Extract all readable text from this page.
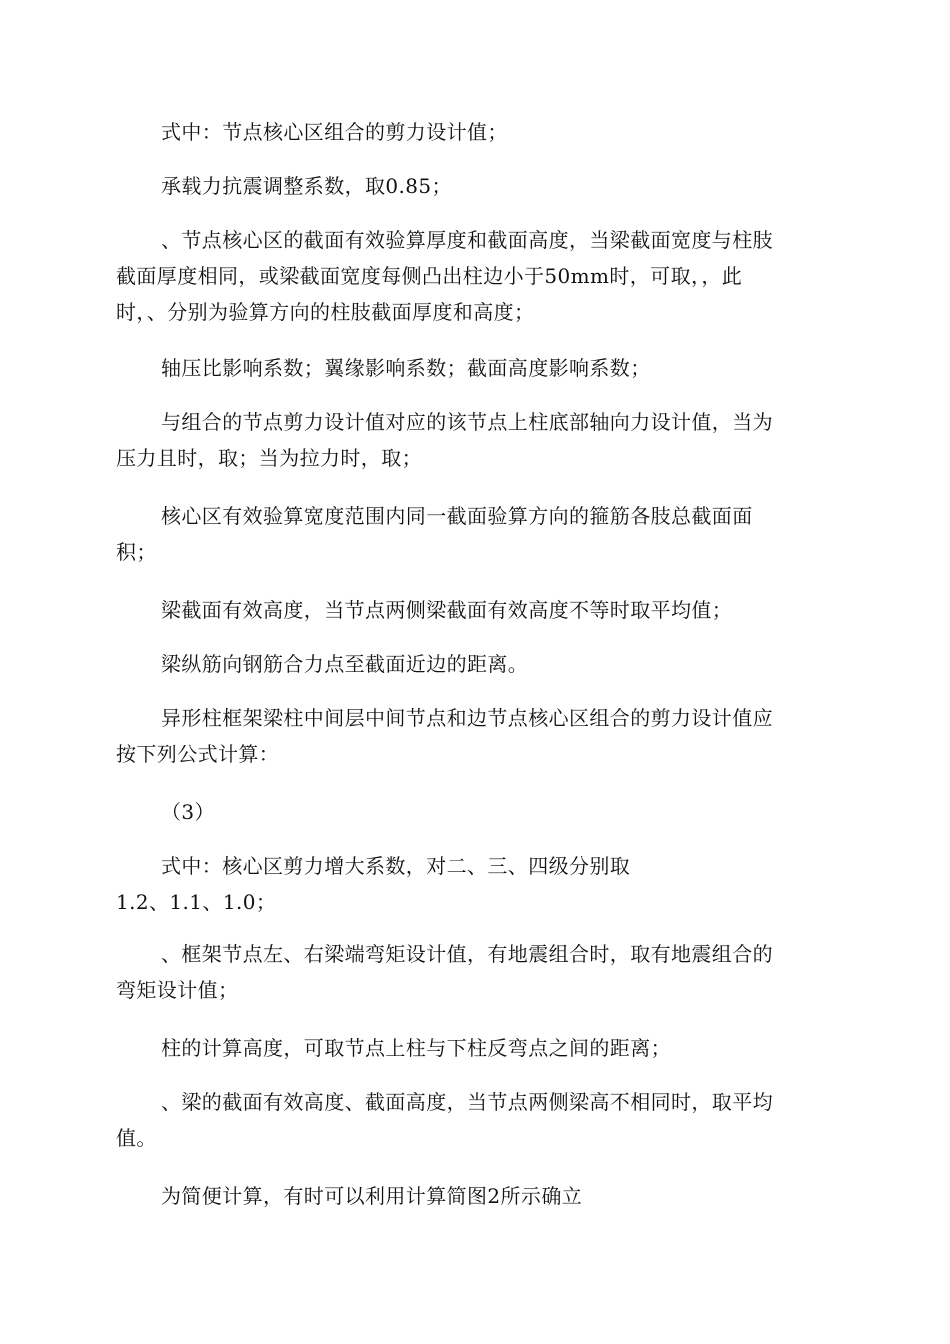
式中：节点核心区组合的剪力设计值；

承载力抗震调整系数，取0.85；

、节点核心区的截面有效验算厚度和截面高度，当梁截面宽度与柱肢
截面厚度相同，或梁截面宽度每侧凸出柱边小于50mm时，可取，，此
时，、分别为验算方向的柱肢截面厚度和高度；

轴压比影响系数；翼缘影响系数；截面高度影响系数；

与组合的节点剪力设计值对应的该节点上柱底部轴向力设计值，当为
压力且时，取；当为拉力时，取；

核心区有效验算宽度范围内同一截面验算方向的箍筋各肢总截面面
积；

梁截面有效高度，当节点两侧梁截面有效高度不等时取平均值；

梁纵筋向钢筋合力点至截面近边的距离。

异形柱框架梁柱中间层中间节点和边节点核心区组合的剪力设计值应
按下列公式计算：

（3）

式中：核心区剪力增大系数，对二、三、四级分别取
1.2、1.1、1.0；

、框架节点左、右梁端弯矩设计值，有地震组合时，取有地震组合的
弯矩设计值；

柱的计算高度，可取节点上柱与下柱反弯点之间的距离；

、梁的截面有效高度、截面高度，当节点两侧梁高不相同时，取平均
值。

为简便计算，有时可以利用计算简图2所示确立
